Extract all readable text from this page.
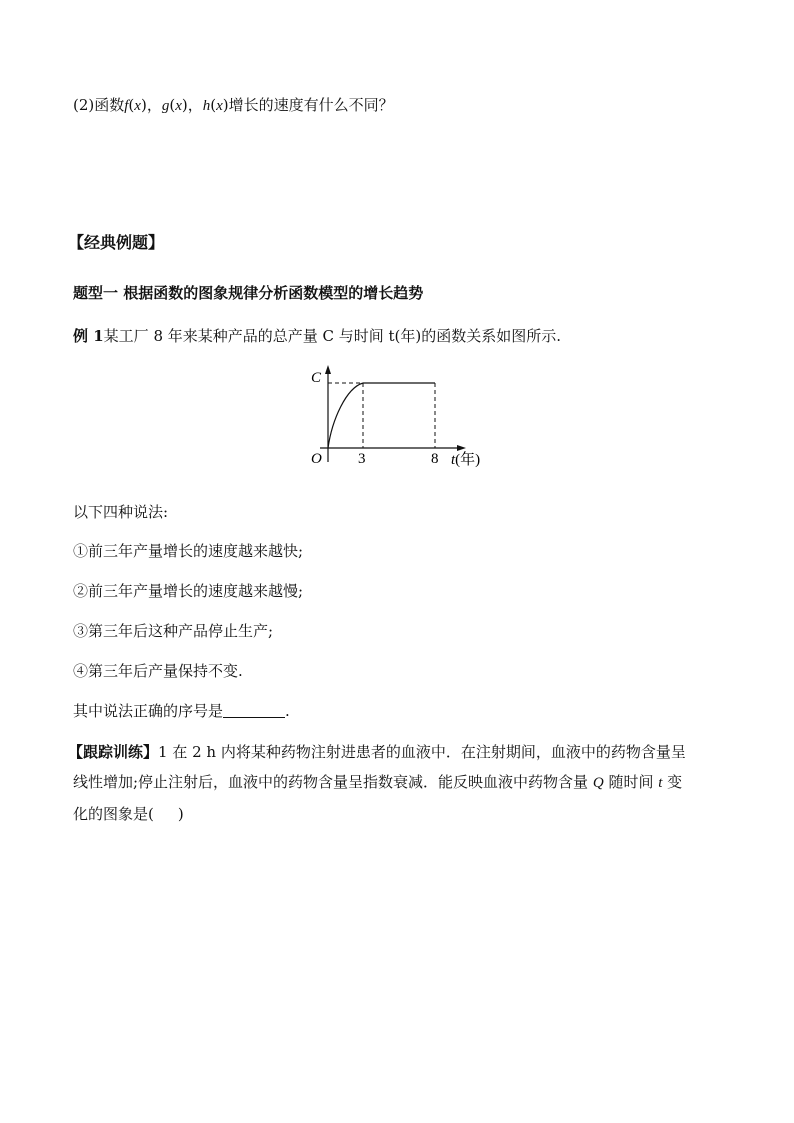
(2)函数f(x)，g(x)，h(x)增长的速度有什么不同？
【经典例题】
题型一 根据函数的图象规律分析函数模型的增长趋势
例 1某工厂 8 年来某种产品的总产量 C 与时间 t(年)的函数关系如图所示.
C
O 3	8 t(年)
以下四种说法:
①前三年产量增长的速度越来越快;
②前三年产量增长的速度越来越慢;
③第三年后这种产品停止生产;
④第三年后产量保持不变.
其中说法正确的序号是	.
【跟踪训练】1 在 2 h 内将某种药物注射进患者的血液中．在注射期间，血液中的药物含量呈
线性增加;停止注射后，血液中的药物含量呈指数衰减．能反映血液中药物含量 Q 随时间 t 变
化的图象是( )
